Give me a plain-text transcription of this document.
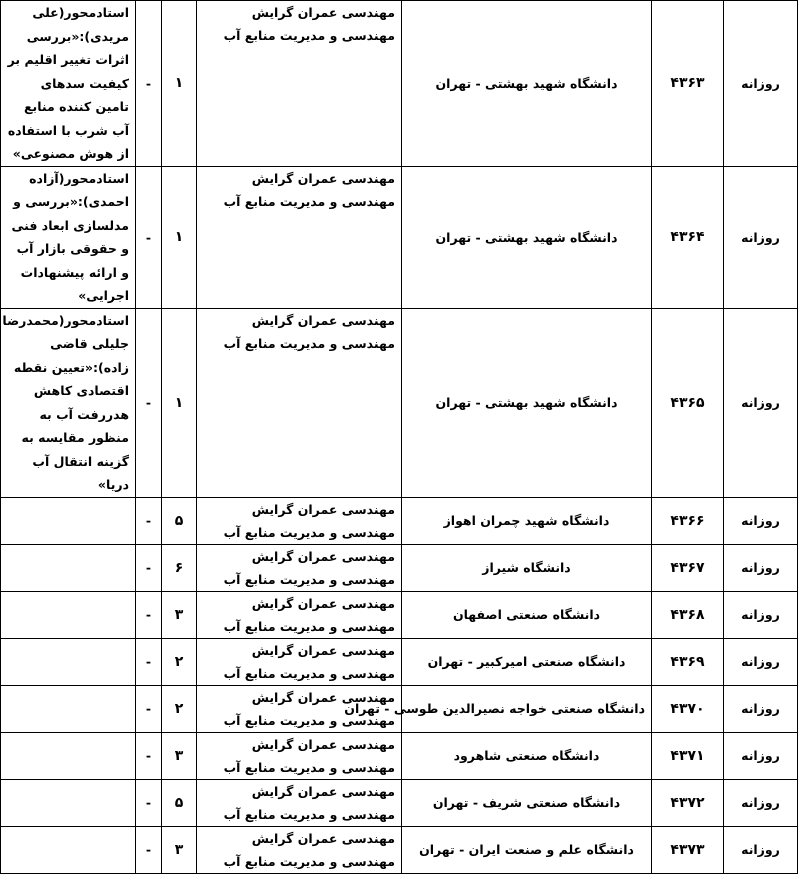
روزانه	۴۳۶۳	دانشگاه شهید بهشتی - تهران	مهندسی عمران گرایش مهندسی و مدیریت منابع آب	۱	-	استادمحور(علی مریدی):«بررسی اثرات تغییر اقلیم بر کیفیت سدهای تامین کننده منابع آب شرب با استفاده از هوش مصنوعی»
روزانه	۴۳۶۴	دانشگاه شهید بهشتی - تهران	مهندسی عمران گرایش مهندسی و مدیریت منابع آب	۱	-	استادمحور(آزاده احمدی):«بررسی و مدلسازی ابعاد فنی و حقوقی بازار آب و ارائه پیشنهادات اجرایی»
روزانه	۴۳۶۵	دانشگاه شهید بهشتی - تهران	مهندسی عمران گرایش مهندسی و مدیریت منابع آب	۱	-	استادمحور(محمدرضا جلیلی قاضی زاده):«تعیین نقطه اقتصادی کاهش هدررفت آب به منظور مقایسه به گزینه انتقال آب دریا»
روزانه	۴۳۶۶	دانشگاه شهید چمران اهواز	مهندسی عمران گرایش مهندسی و مدیریت منابع آب	۵	-	
روزانه	۴۳۶۷	دانشگاه شیراز	مهندسی عمران گرایش مهندسی و مدیریت منابع آب	۶	-	
روزانه	۴۳۶۸	دانشگاه صنعتی اصفهان	مهندسی عمران گرایش مهندسی و مدیریت منابع آب	۳	-	
روزانه	۴۳۶۹	دانشگاه صنعتی امیرکبیر - تهران	مهندسی عمران گرایش مهندسی و مدیریت منابع آب	۲	-	
روزانه	۴۳۷۰	دانشگاه صنعتی خواجه نصیرالدین طوسی - تهران	مهندسی عمران گرایش مهندسی و مدیریت منابع آب	۲	-	
روزانه	۴۳۷۱	دانشگاه صنعتی شاهرود	مهندسی عمران گرایش مهندسی و مدیریت منابع آب	۳	-	
روزانه	۴۳۷۲	دانشگاه صنعتی شریف - تهران	مهندسی عمران گرایش مهندسی و مدیریت منابع آب	۵	-	
روزانه	۴۳۷۳	دانشگاه علم و صنعت ایران - تهران	مهندسی عمران گرایش مهندسی و مدیریت منابع آب	۳	-	
